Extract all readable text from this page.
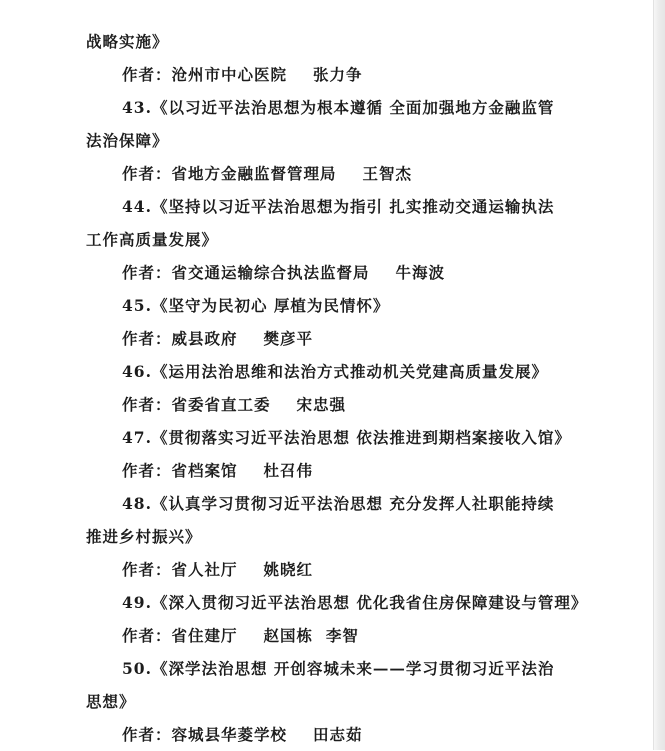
战略实施》
作者：沧州市中心医院 张力争
43.《以习近平法治思想为根本遵循 全面加强地方金融监管
法治保障》
作者：省地方金融监督管理局 王智杰
44.《坚持以习近平法治思想为指引 扎实推动交通运输执法
工作高质量发展》
作者：省交通运输综合执法监督局 牛海波
45.《坚守为民初心 厚植为民情怀》
作者：威县政府 樊彦平
46.《运用法治思维和法治方式推动机关党建高质量发展》
作者：省委省直工委 宋忠强
47.《贯彻落实习近平法治思想 依法推进到期档案接收入馆》
作者：省档案馆 杜召伟
48.《认真学习贯彻习近平法治思想 充分发挥人社职能持续
推进乡村振兴》
作者：省人社厅 姚晓红
49.《深入贯彻习近平法治思想 优化我省住房保障建设与管理》
作者：省住建厅 赵国栋  李智
50.《深学法治思想 开创容城未来——学习贯彻习近平法治
思想》
作者：容城县华菱学校 田志茹
